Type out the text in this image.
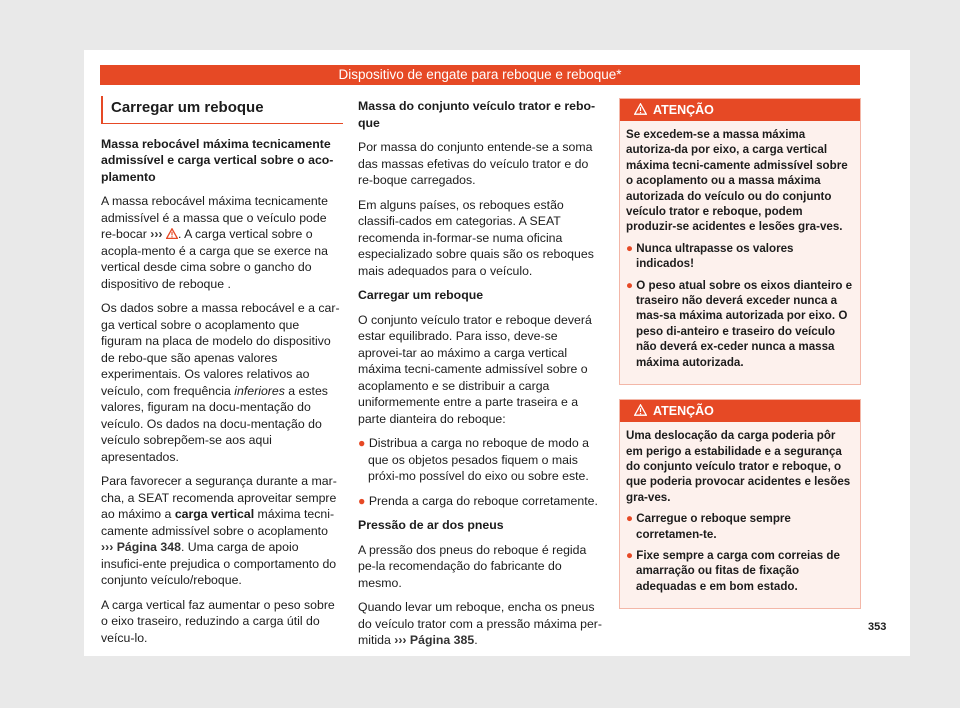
Dispositivo de engate para reboque e reboque*
Carregar um reboque

Massa rebocável máxima tecnicamente admissível e carga vertical sobre o aco-plamento

A massa rebocável máxima tecnicamente admissível é a massa que o veículo pode re-bocar ››› . A carga vertical sobre o acopla-mento é a carga que se exerce na vertical desde cima sobre o gancho do dispositivo de reboque .

Os dados sobre a massa rebocável e a car-ga vertical sobre o acoplamento que figuram na placa de modelo do dispositivo de rebo-que são apenas valores experimentais. Os valores relativos ao veículo, com frequência inferiores a estes valores, figuram na docu-mentação do veículo. Os dados na docu-mentação do veículo sobrepõem-se aos aqui apresentados.

Para favorecer a segurança durante a mar-cha, a SEAT recomenda aproveitar sempre ao máximo a carga vertical máxima tecni-camente admissível sobre o acoplamento ››› Página 348. Uma carga de apoio insufici-ente prejudica o comportamento do conjunto veículo/reboque.

A carga vertical faz aumentar o peso sobre o eixo traseiro, reduzindo a carga útil do veícu-lo.

Massa do conjunto veículo trator e rebo-que

Por massa do conjunto entende-se a soma das massas efetivas do veículo trator e do re-boque carregados.

Em alguns países, os reboques estão classifi-cados em categorias. A SEAT recomenda in-formar-se numa oficina especializado sobre quais são os reboques mais adequados para o veículo.

Carregar um reboque

O conjunto veículo trator e reboque deverá estar equilibrado. Para isso, deve-se aprovei-tar ao máximo a carga vertical máxima tecni-camente admissível sobre o acoplamento e se distribuir a carga uniformemente entre a parte traseira e a parte dianteira do reboque:

● Distribua a carga no reboque de modo a que os objetos pesados fiquem o mais próxi-mo possível do eixo ou sobre este.

● Prenda a carga do reboque corretamente.

Pressão de ar dos pneus

A pressão dos pneus do reboque é regida pe-la recomendação do fabricante do mesmo.

Quando levar um reboque, encha os pneus do veículo trator com a pressão máxima per-mitida ››› Página 385.

ATENÇÃO

Se excedem-se a massa máxima autoriza-da por eixo, a carga vertical máxima tecni-camente admissível sobre o acoplamento ou a massa máxima autorizada do veículo ou do conjunto veículo trator e reboque, podem produzir-se acidentes e lesões gra-ves.

● Nunca ultrapasse os valores indicados!

● O peso atual sobre os eixos dianteiro e traseiro não deverá exceder nunca a mas-sa máxima autorizada por eixo. O peso di-anteiro e traseiro do veículo não deverá ex-ceder nunca a massa máxima autorizada.

ATENÇÃO

Uma deslocação da carga poderia pôr em perigo a estabilidade e a segurança do conjunto veículo trator e reboque, o que poderia provocar acidentes e lesões gra-ves.

● Carregue o reboque sempre corretamen-te.

● Fixe sempre a carga com correias de amarração ou fitas de fixação adequadas e em bom estado.

353
